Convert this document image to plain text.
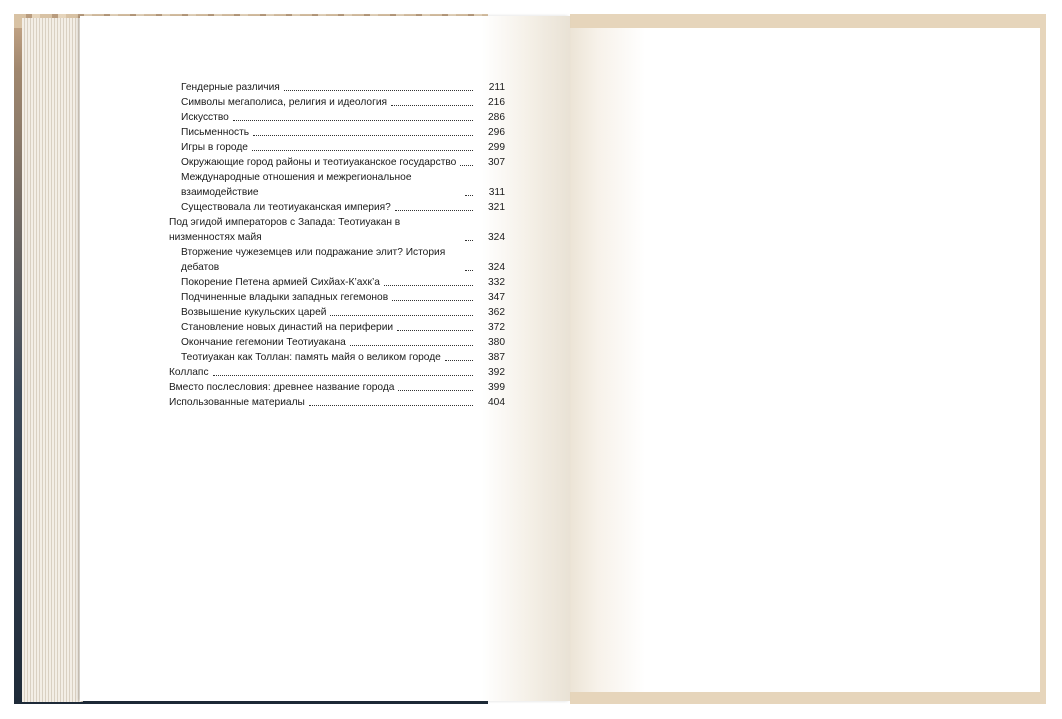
Гендерные различия	211
Символы мегаполиса, религия и идеология	216
Искусство	286
Письменность	296
Игры в городе	299
Окружающие город районы и теотиуаканское государство	307
Международные отношения и межрегиональное взаимодействие	311
Существовала ли теотиуаканская империя?	321
Под эгидой императоров с Запада: Теотиуакан в низменностях майя	324
Вторжение чужеземцев или подражание элит? История дебатов	324
Покорение Петена армией Сихйах-К’ахк’а	332
Подчиненные владыки западных гегемонов	347
Возвышение кукульских царей	362
Становление новых династий на периферии	372
Окончание гегемонии Теотиуакана	380
Теотиуакан как Толлан: память майя о великом городе	387
Коллапс	392
Вместо послесловия: древнее название города	399
Использованные материалы	404
